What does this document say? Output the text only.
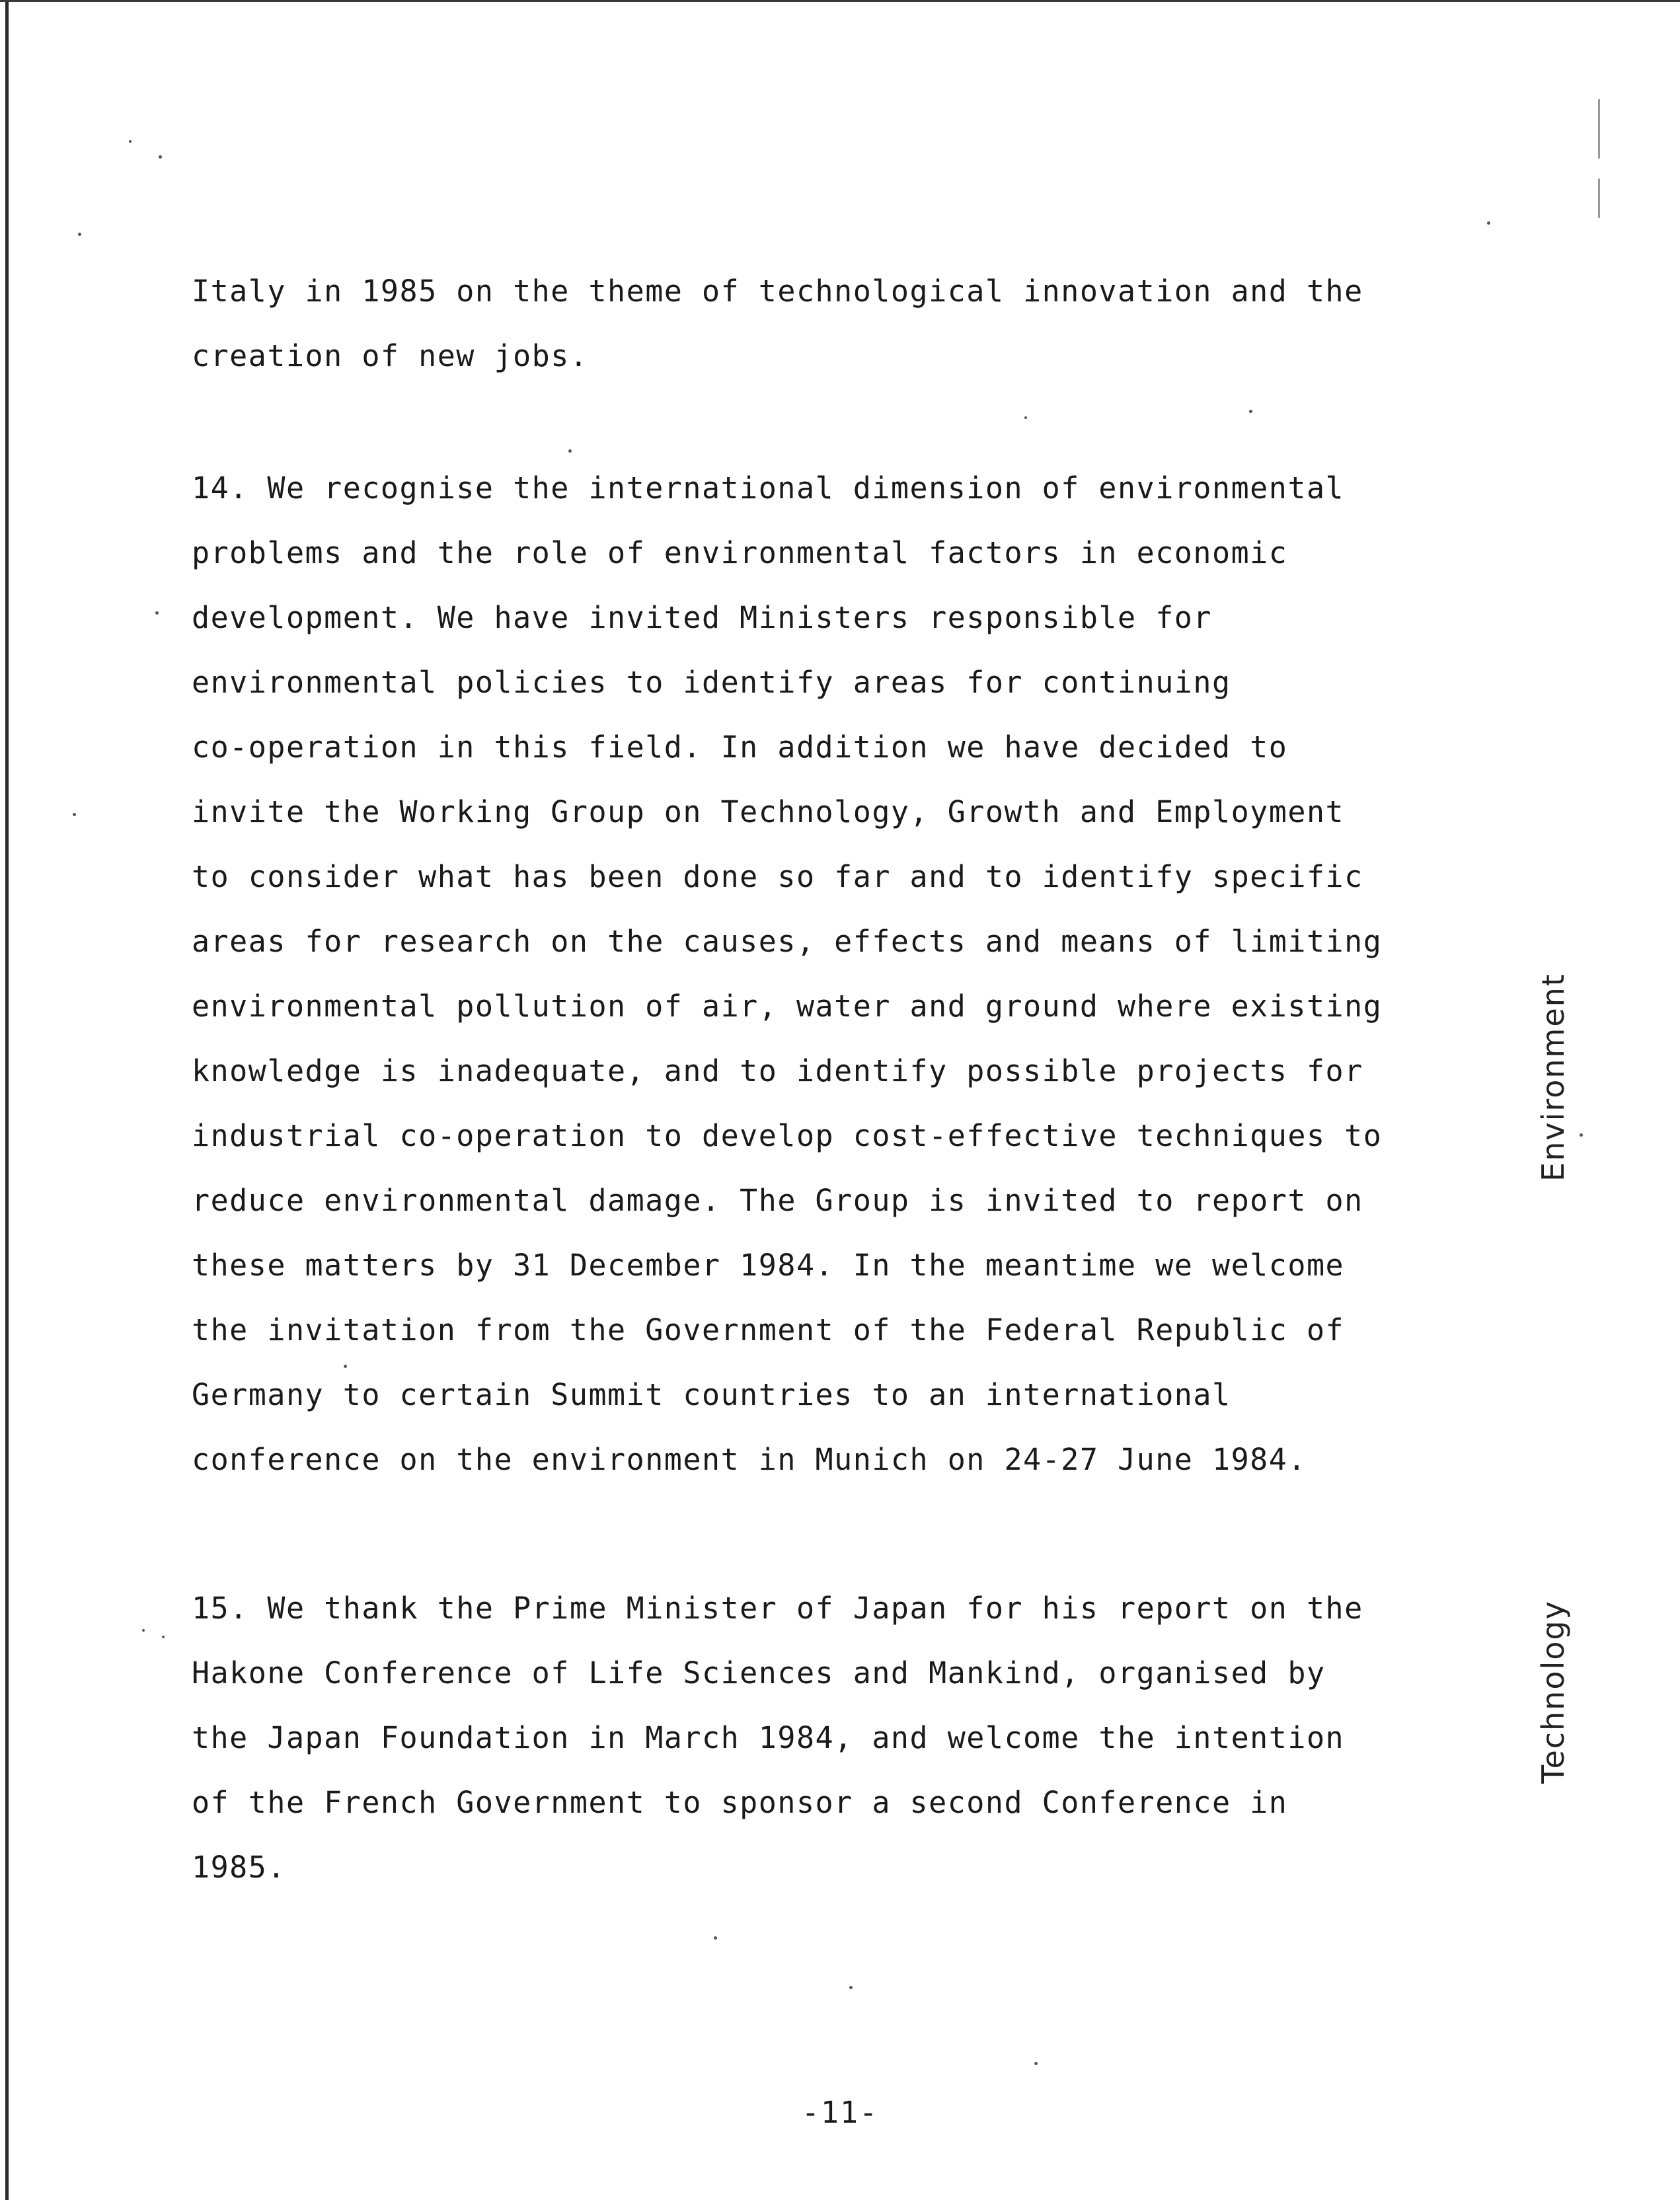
Italy in 1985 on the theme of technological innovation and the
creation of new jobs.
14. We recognise the international dimension of environmental
problems and the role of environmental factors in economic
development. We have invited Ministers responsible for
environmental policies to identify areas for continuing
co-operation in this field. In addition we have decided to
invite the Working Group on Technology, Growth and Employment
to consider what has been done so far and to identify specific
areas for research on the causes, effects and means of limiting
environmental pollution of air, water and ground where existing
knowledge is inadequate, and to identify possible projects for
industrial co-operation to develop cost-effective techniques to
reduce environmental damage. The Group is invited to report on
these matters by 31 December 1984. In the meantime we welcome
the invitation from the Government of the Federal Republic of
Germany to certain Summit countries to an international
conference on the environment in Munich on 24-27 June 1984.
15. We thank the Prime Minister of Japan for his report on the
Hakone Conference of Life Sciences and Mankind, organised by
the Japan Foundation in March 1984, and welcome the intention
of the French Government to sponsor a second Conference in
1985.
Environment
Technology
-11-
